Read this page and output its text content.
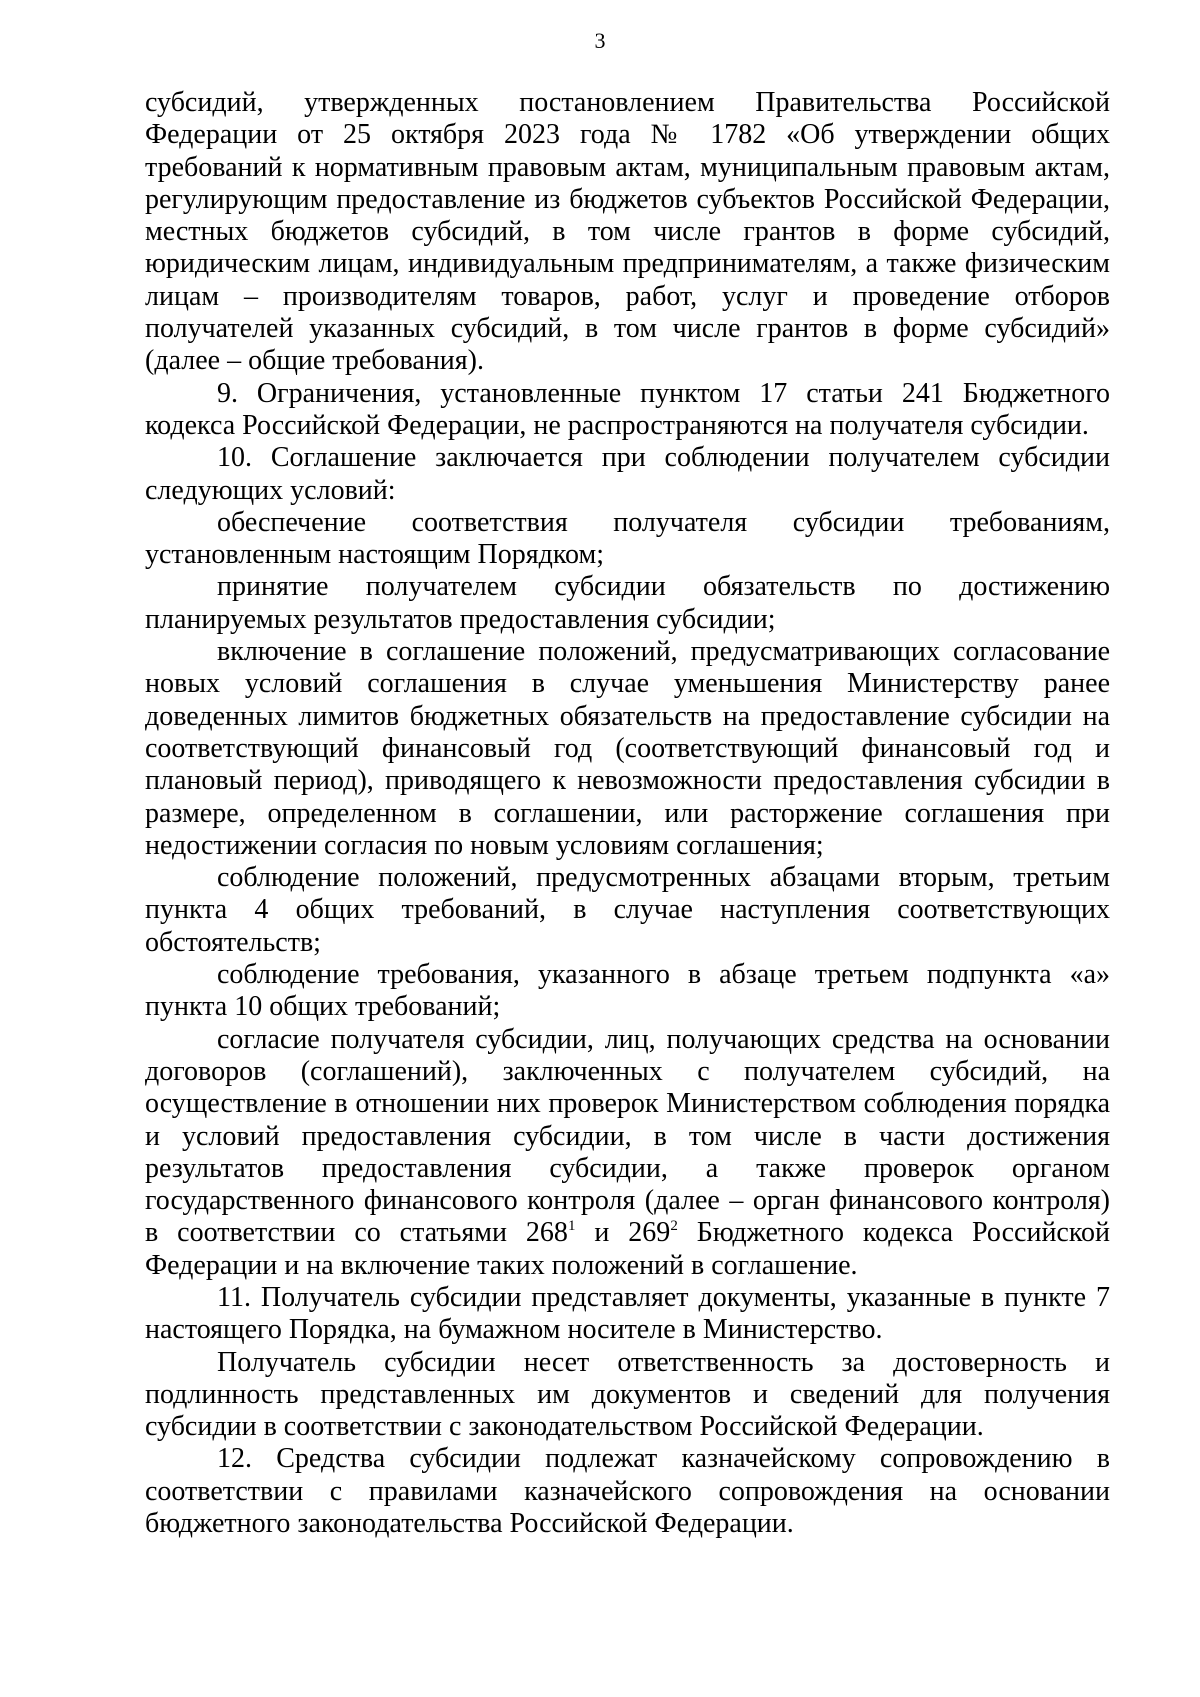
3

субсидий, утвержденных постановлением Правительства Российской Федерации от 25 октября 2023 года № 1782 «Об утверждении общих требований к нормативным правовым актам, муниципальным правовым актам, регулирующим предоставление из бюджетов субъектов Российской Федерации, местных бюджетов субсидий, в том числе грантов в форме субсидий, юридическим лицам, индивидуальным предпринимателям, а также физическим лицам – производителям товаров, работ, услуг и проведение отборов получателей указанных субсидий, в том числе грантов в форме субсидий» (далее – общие требования).

9. Ограничения, установленные пунктом 17 статьи 241 Бюджетного кодекса Российской Федерации, не распространяются на получателя субсидии.

10. Соглашение заключается при соблюдении получателем субсидии следующих условий:

обеспечение соответствия получателя субсидии требованиям, установленным настоящим Порядком;

принятие получателем субсидии обязательств по достижению планируемых результатов предоставления субсидии;

включение в соглашение положений, предусматривающих согласование новых условий соглашения в случае уменьшения Министерству ранее доведенных лимитов бюджетных обязательств на предоставление субсидии на соответствующий финансовый год (соответствующий финансовый год и плановый период), приводящего к невозможности предоставления субсидии в размере, определенном в соглашении, или расторжение соглашения при недостижении согласия по новым условиям соглашения;

соблюдение положений, предусмотренных абзацами вторым, третьим пункта 4 общих требований, в случае наступления соответствующих обстоятельств;

соблюдение требования, указанного в абзаце третьем подпункта «а» пункта 10 общих требований;

согласие получателя субсидии, лиц, получающих средства на основании договоров (соглашений), заключенных с получателем субсидий, на осуществление в отношении них проверок Министерством соблюдения порядка и условий предоставления субсидии, в том числе в части достижения результатов предоставления субсидии, а также проверок органом государственного финансового контроля (далее – орган финансового контроля) в соответствии со статьями $268^1$ и $269^2$ Бюджетного кодекса Российской Федерации и на включение таких положений в соглашение.

11. Получатель субсидии представляет документы, указанные в пункте 7 настоящего Порядка, на бумажном носителе в Министерство.

Получатель субсидии несет ответственность за достоверность и подлинность представленных им документов и сведений для получения субсидии в соответствии с законодательством Российской Федерации.

12. Средства субсидии подлежат казначейскому сопровождению в соответствии с правилами казначейского сопровождения на основании бюджетного законодательства Российской Федерации.
